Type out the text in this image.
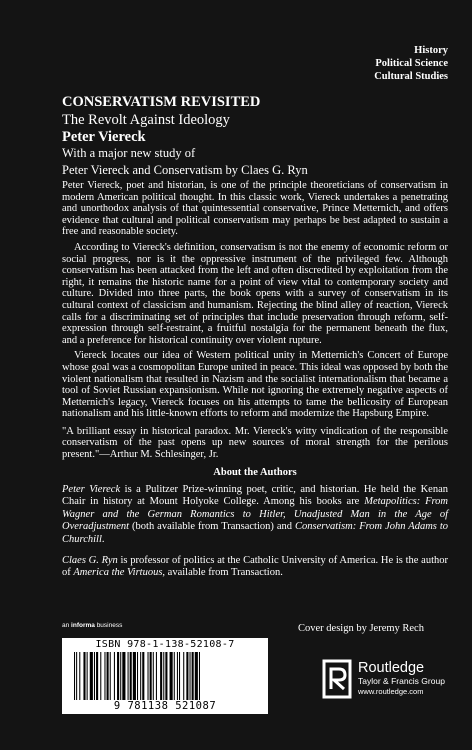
History
Political Science
Cultural Studies

CONSERVATISM REVISITED

The Revolt Against Ideology

Peter Viereck

With a major new study of

Peter Viereck and Conservatism by Claes G. Ryn

Peter Viereck, poet and historian, is one of the principle theoreticians of conservatism in modern American political thought. In this classic work, Viereck undertakes a penetrating and unorthodox analysis of that quintessential conservative, Prince Metternich, and offers evidence that cultural and political conservatism may perhaps be best adapted to sustain a free and reasonable society.

According to Viereck's definition, conservatism is not the enemy of economic reform or social progress, nor is it the oppressive instrument of the privileged few. Although conservatism has been attacked from the left and often discredited by exploitation from the right, it remains the historic name for a point of view vital to contemporary society and culture. Divided into three parts, the book opens with a survey of conservatism in its cultural context of classicism and humanism. Rejecting the blind alley of reaction, Viereck calls for a discriminating set of principles that include preservation through reform, self-expression through self-restraint, a fruitful nostalgia for the permanent beneath the flux, and a preference for historical continuity over violent rupture.

Viereck locates our idea of Western political unity in Metternich's Concert of Europe whose goal was a cosmopolitan Europe united in peace. This ideal was opposed by both the violent nationalism that resulted in Nazism and the socialist internationalism that became a tool of Soviet Russian expansionism. While not ignoring the extremely negative aspects of Metternich's legacy, Viereck focuses on his attempts to tame the bellicosity of European nationalism and his little-known efforts to reform and modernize the Hapsburg Empire.

"A brilliant essay in historical paradox. Mr. Viereck's witty vindication of the responsible conservatism of the past opens up new sources of moral strength for the perilous present."—Arthur M. Schlesinger, Jr.

About the Authors

Peter Viereck is a Pulitzer Prize-winning poet, critic, and historian. He held the Kenan Chair in history at Mount Holyoke College. Among his books are Metapolitics: From Wagner and the German Romantics to Hitler, Unadjusted Man in the Age of Overadjustment (both available from Transaction) and Conservatism: From John Adams to Churchill.

Claes G. Ryn is professor of politics at the Catholic University of America. He is the author of America the Virtuous, available from Transaction.

an informa business	Cover design by Jeremy Rech
ISBN 978-1-138-52108-7
9 781138 521087
Routledge
Taylor & Francis Group
www.routledge.com
